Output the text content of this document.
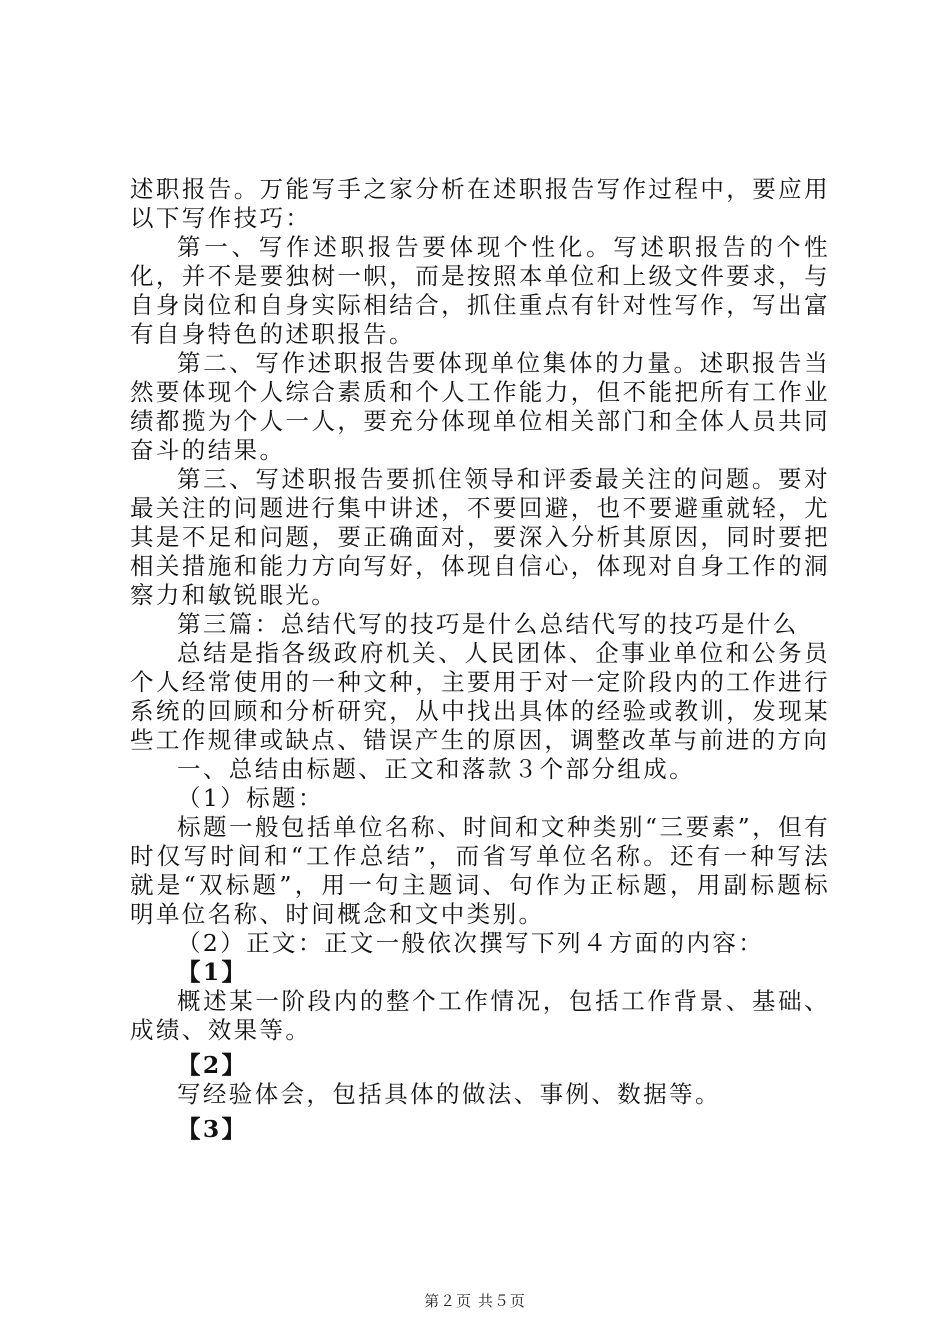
述职报告。万能写手之家分析在述职报告写作过程中，要应用以下写作技巧：

第一、写作述职报告要体现个性化。写述职报告的个性化，并不是要独树一帜，而是按照本单位和上级文件要求，与自身岗位和自身实际相结合，抓住重点有针对性写作，写出富有自身特色的述职报告。

第二、写作述职报告要体现单位集体的力量。述职报告当然要体现个人综合素质和个人工作能力，但不能把所有工作业绩都揽为个人一人，要充分体现单位相关部门和全体人员共同奋斗的结果。

第三、写述职报告要抓住领导和评委最关注的问题。要对最关注的问题进行集中讲述，不要回避，也不要避重就轻，尤其是不足和问题，要正确面对，要深入分析其原因，同时要把相关措施和能力方向写好，体现自信心，体现对自身工作的洞察力和敏锐眼光。

第三篇：总结代写的技巧是什么总结代写的技巧是什么

总结是指各级政府机关、人民团体、企事业单位和公务员个人经常使用的一种文种，主要用于对一定阶段内的工作进行系统的回顾和分析研究，从中找出具体的经验或教训，发现某些工作规律或缺点、错误产生的原因，调整改革与前进的方向

一、总结由标题、正文和落款３个部分组成。

（1）标题：

标题一般包括单位名称、时间和文种类别“三要素”，但有时仅写时间和“工作总结”，而省写单位名称。还有一种写法就是“双标题”，用一句主题词、句作为正标题，用副标题标明单位名称、时间概念和文中类别。

（2）正文：正文一般依次撰写下列４方面的内容：

【1】

概述某一阶段内的整个工作情况，包括工作背景、基础、成绩、效果等。

【2】

写经验体会，包括具体的做法、事例、数据等。

【3】

第２页 共５页
